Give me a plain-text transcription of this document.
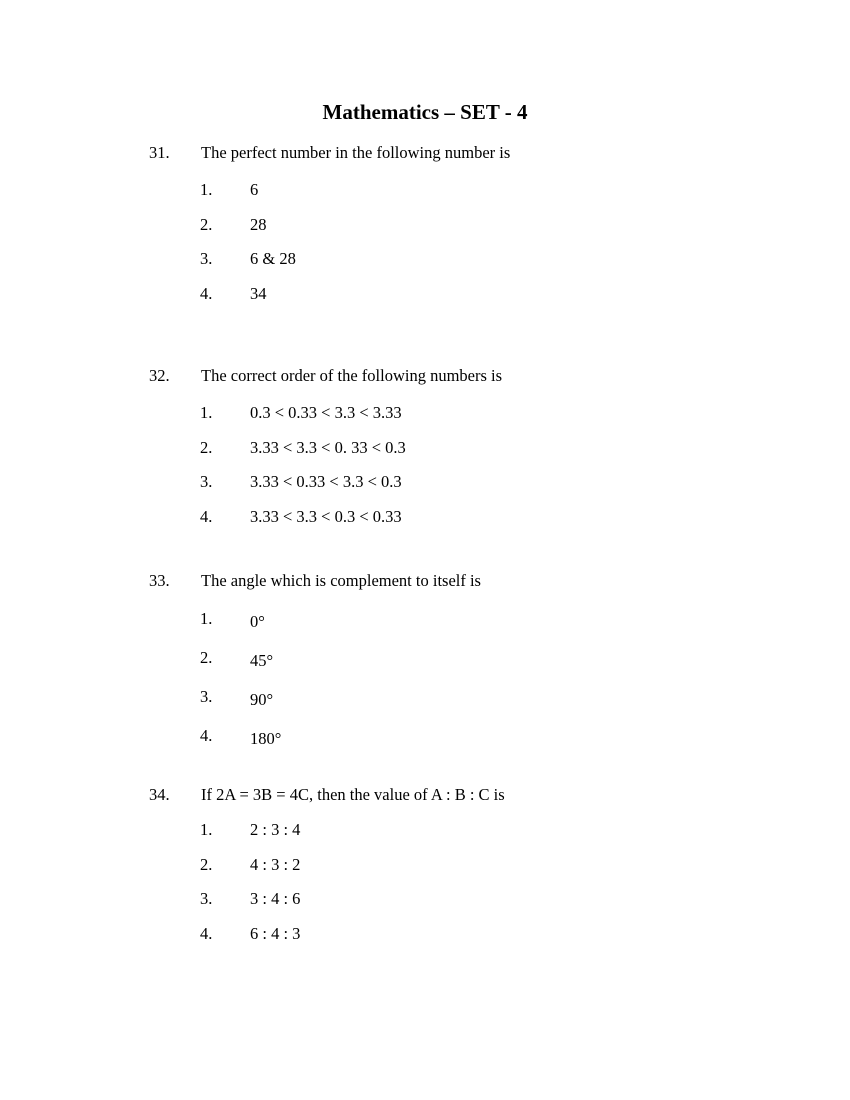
Mathematics – SET - 4
31. The perfect number in the following number is
1. 6
2. 28
3. 6 & 28
4. 34
32. The correct order of the following numbers is
1. 0.3 < 0.33 < 3.3 < 3.33
2. 3.33 < 3.3 < 0. 33 < 0.3
3. 3.33 < 0.33 < 3.3 < 0.3
4. 3.33 < 3.3 < 0.3 < 0.33
33. The angle which is complement to itself is
1. 0°
2. 45°
3. 90°
4. 180°
34. If 2A = 3B = 4C, then the value of A : B : C is
1. 2 : 3 : 4
2. 4 : 3 : 2
3. 3 : 4 : 6
4. 6 : 4 : 3
